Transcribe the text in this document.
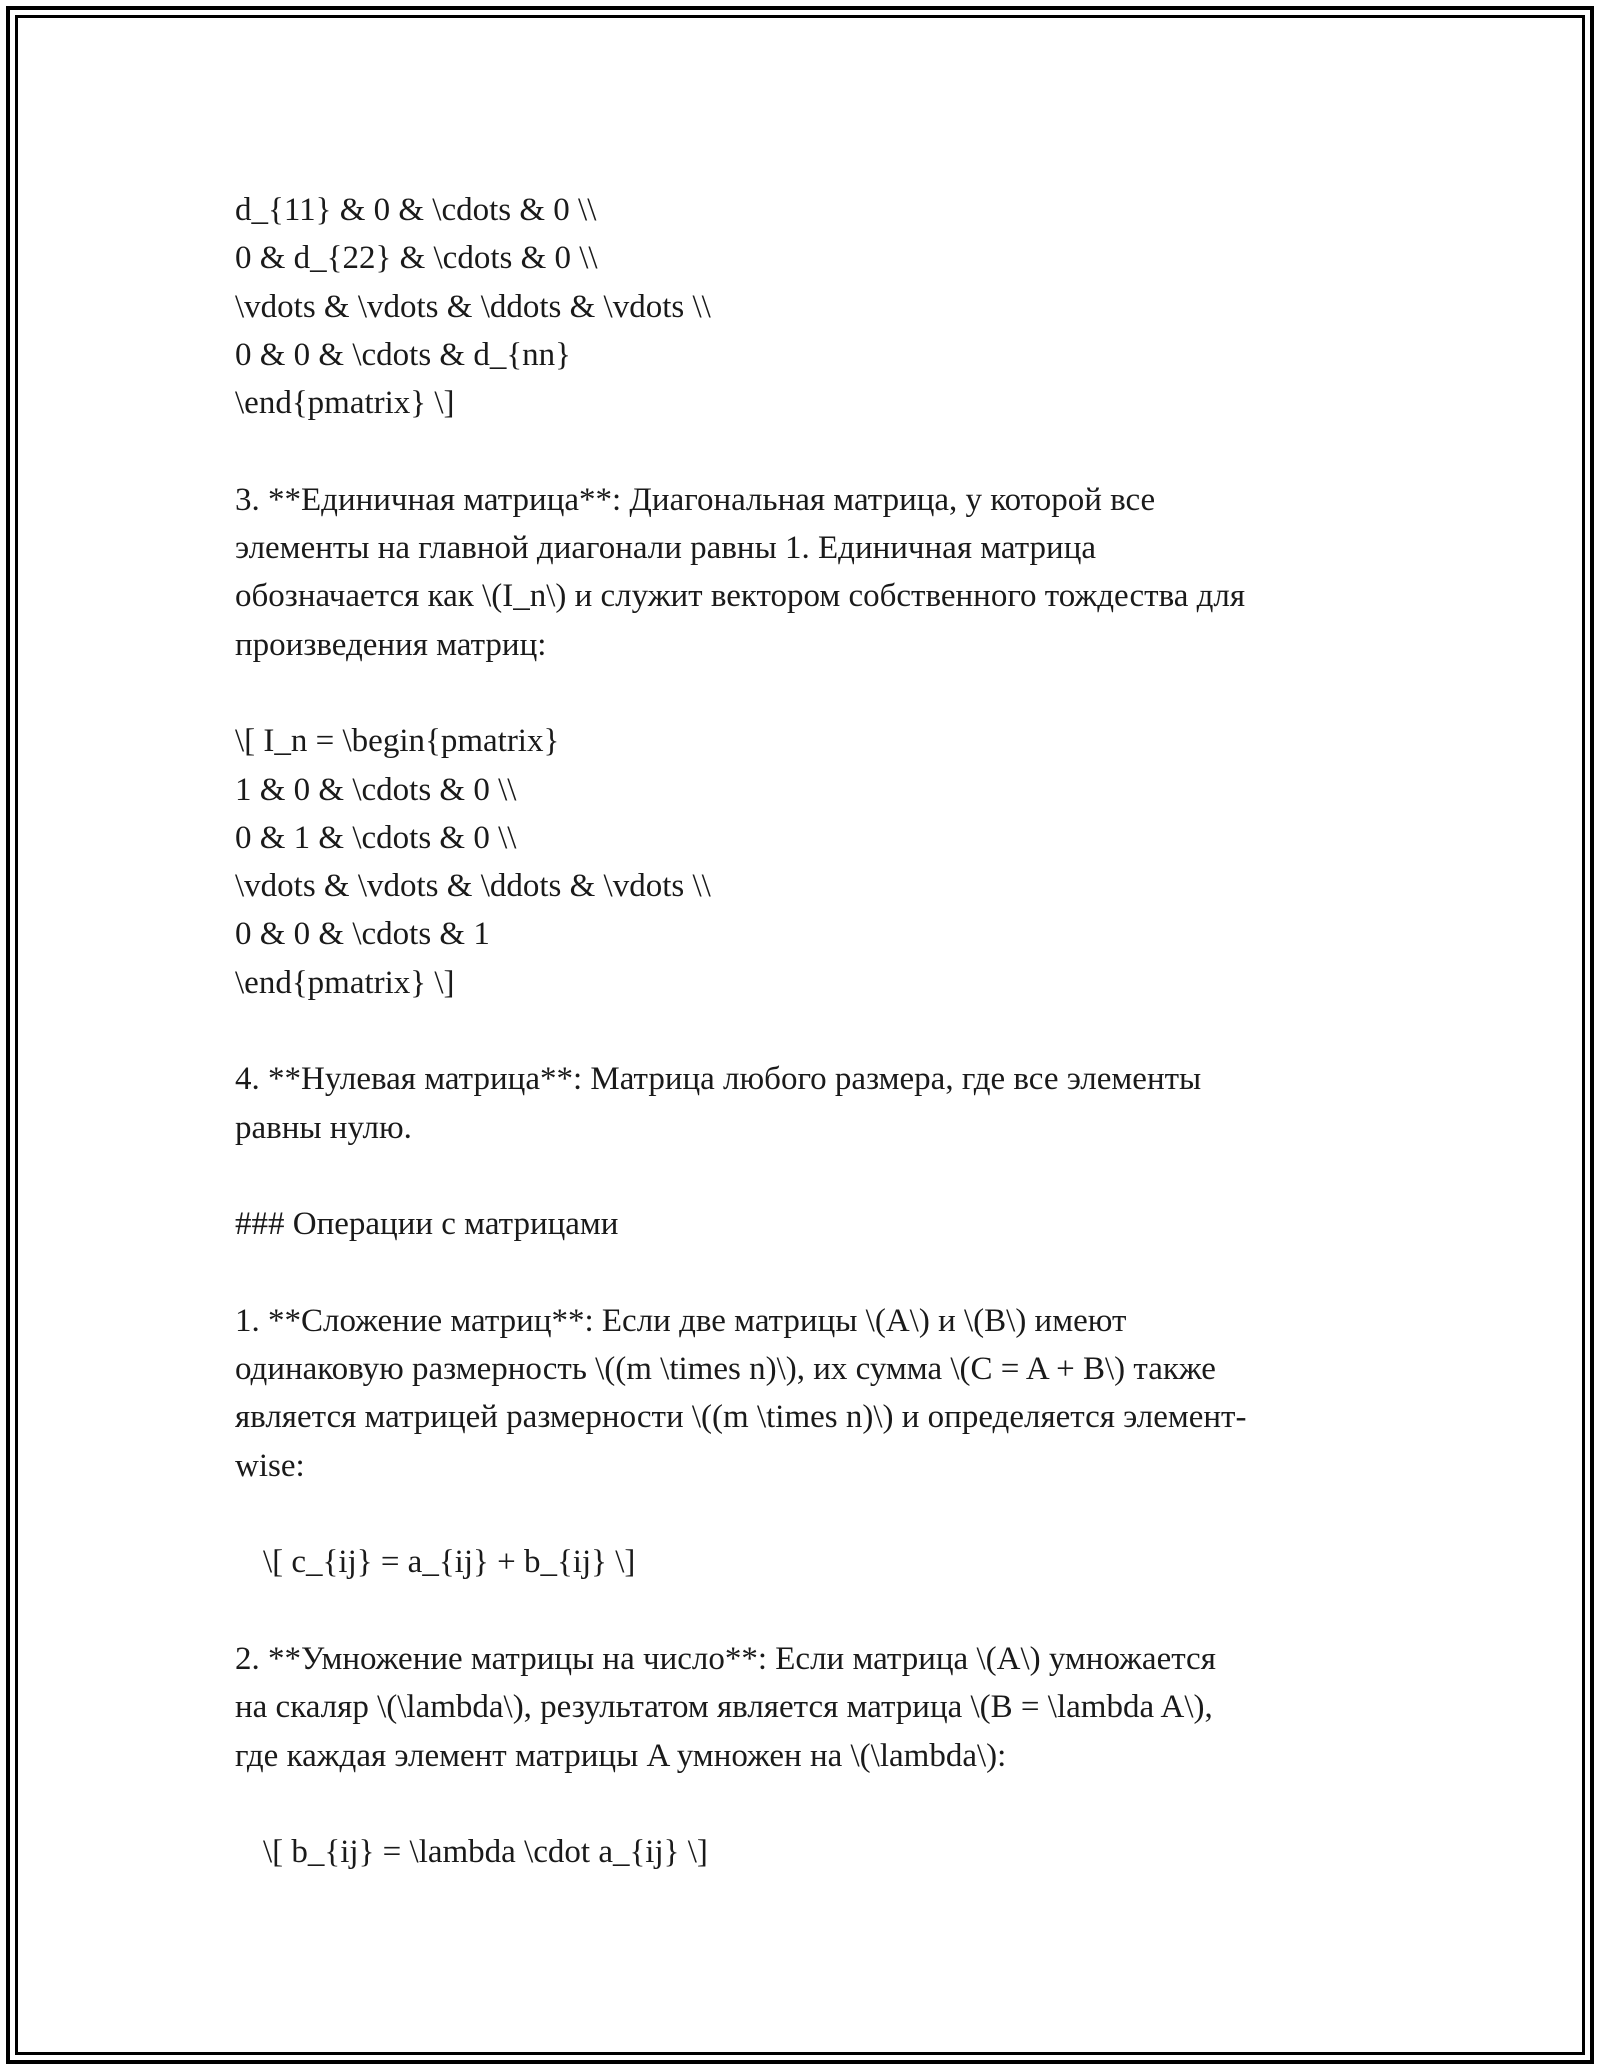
d_{11} & 0 & \cdots & 0 \\
0 & d_{22} & \cdots & 0 \\
\vdots & \vdots & \ddots & \vdots \\
0 & 0 & \cdots & d_{nn}
\end{pmatrix} \]
3. **Единичная матрица**: Диагональная матрица, у которой все
элементы на главной диагонали равны 1. Единичная матрица
обозначается как \(I_n\) и служит вектором собственного тождества для
произведения матриц:
\[ I_n = \begin{pmatrix}
1 & 0 & \cdots & 0 \\
0 & 1 & \cdots & 0 \\
\vdots & \vdots & \ddots & \vdots \\
0 & 0 & \cdots & 1
\end{pmatrix} \]
4. **Нулевая матрица**: Матрица любого размера, где все элементы
равны нулю.
### Операции с матрицами
1. **Сложение матриц**: Если две матрицы \(A\) и \(B\) имеют
одинаковую размерность \((m \times n)\), их сумма \(C = A + B\) также
является матрицей размерности \((m \times n)\) и определяется элемент-
wise:
\[ c_{ij} = a_{ij} + b_{ij} \]
2. **Умножение матрицы на число**: Если матрица \(A\) умножается
на скаляр \(\lambda\), результатом является матрица \(B = \lambda A\),
где каждая элемент матрицы A умножен на \(\lambda\):
\[ b_{ij} = \lambda \cdot a_{ij} \]
